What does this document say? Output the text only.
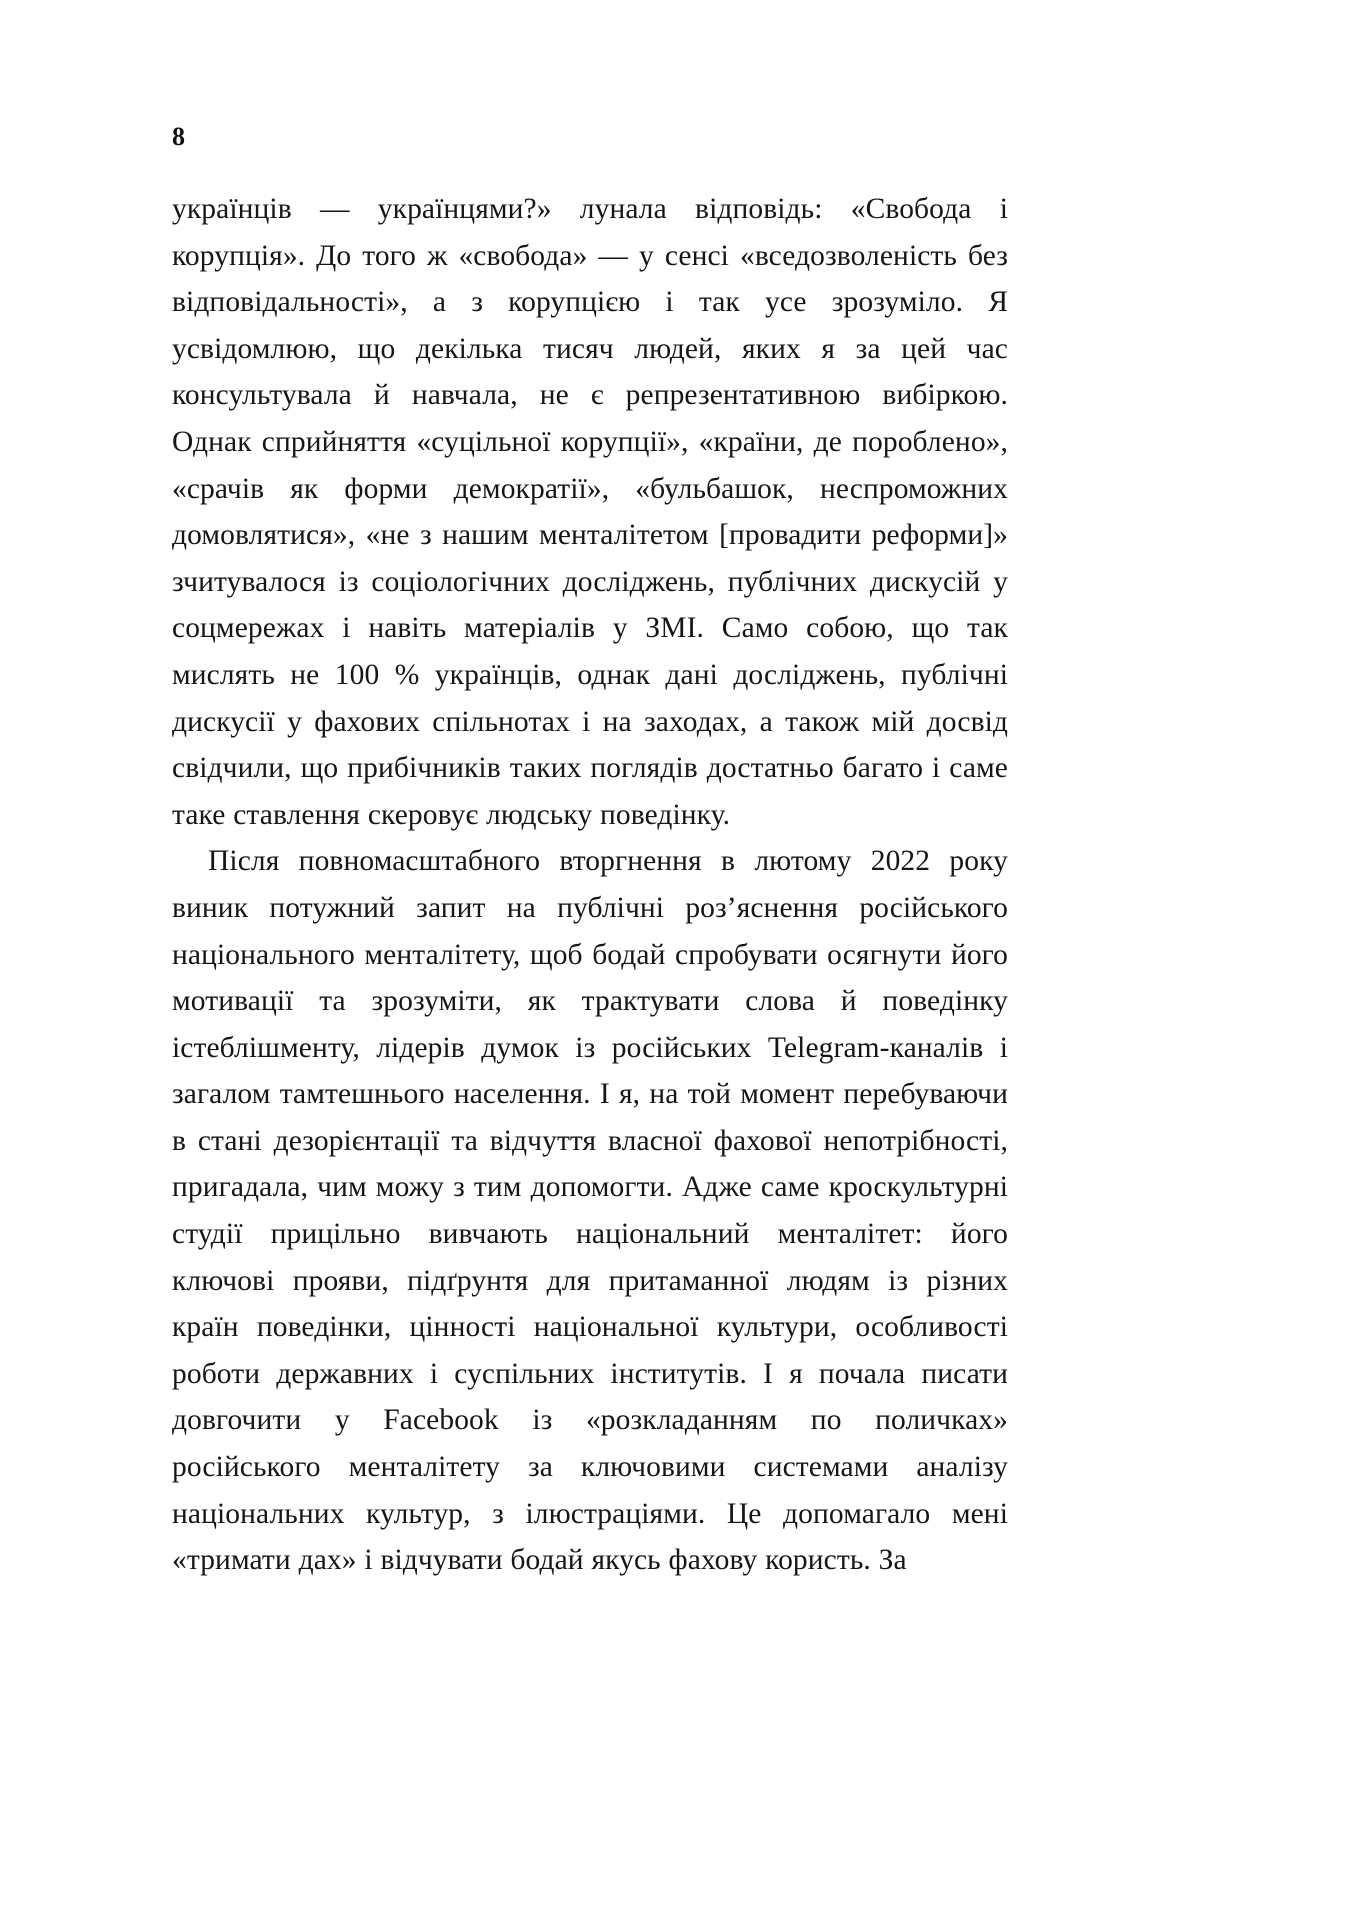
8

українців — українцями?» лунала відповідь: «Свобода і корупція». До того ж «свобода» — у сенсі «вседозволеність без відповідальності», а з корупцією і так усе зрозуміло. Я усвідомлюю, що декілька тисяч людей, яких я за цей час консультувала й навчала, не є репрезентативною вибіркою. Однак сприйняття «суцільної корупції», «країни, де пороблено», «срачів як форми демократії», «бульбашок, неспроможних домовлятися», «не з нашим менталітетом [провадити реформи]» зчитувалося із соціологічних досліджень, публічних дискусій у соцмережах і навіть матеріалів у ЗМІ. Само собою, що так мислять не 100 % українців, однак дані досліджень, публічні дискусії у фахових спільнотах і на заходах, а також мій досвід свідчили, що прибічників таких поглядів достатньо багато і саме таке ставлення скеровує людську поведінку.

Після повномасштабного вторгнення в лютому 2022 року виник потужний запит на публічні роз’яснення російського національного менталітету, щоб бодай спробувати осягнути його мотивації та зрозуміти, як трактувати слова й поведінку істеблішменту, лідерів думок із російських Telegram-каналів і загалом тамтешнього населення. І я, на той момент перебуваючи в стані дезорієнтації та відчуття власної фахової непотрібності, пригадала, чим можу з тим допомогти. Адже саме кроскультурні студії прицільно вивчають національний менталітет: його ключові прояви, підґрунтя для притаманної людям із різних країн поведінки, цінності національної культури, особливості роботи державних і суспільних інститутів. І я почала писати довгочити у Facebook із «розкладанням по поличках» російського менталітету за ключовими системами аналізу національних культур, з ілюстраціями. Це допомагало мені «тримати дах» і відчувати бодай якусь фахову користь. За
